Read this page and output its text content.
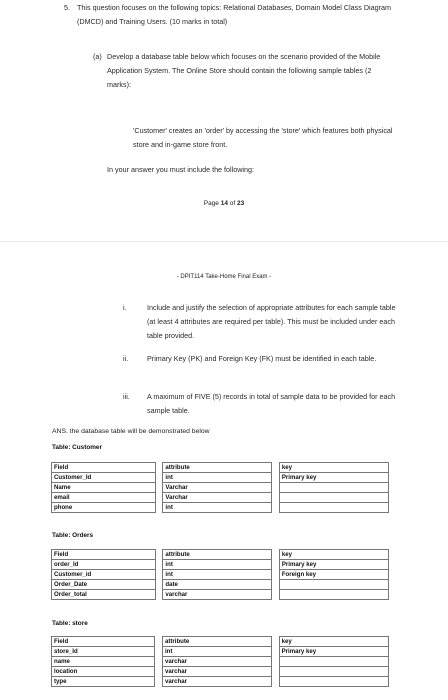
5. This question focuses on the following topics: Relational Databases, Domain Model Class Diagram (DMCD) and Training Users. (10 marks in total)
(a) Develop a database table below which focuses on the scenario provided of the Mobile Application System. The Online Store should contain the following sample tables (2 marks):
'Customer' creates an 'order' by accessing the 'store' which features both physical store and in-game store front.
In your answer you must include the following:
Page 14 of 23
- DPIT114 Take-Home Final Exam -
i.	Include and justify the selection of appropriate attributes for each sample table (at least 4 attributes are required per table). This must be included under each table provided.
ii.	Primary Key (PK) and Foreign Key (FK) must be identified in each table.
iii.	A maximum of FIVE (5) records in total of sample data to be provided for each sample table.
ANS. the database table will be demonstrated below
Table: Customer
Field		attribute		key
Customer_Id		int		Primary key
Name		Varchar		
email		Varchar		
phone		int		
Table: Orders
Field		attribute		key
order_Id		int		Primary key
Customer_id		int		Foreign key
Order_Date		date		
Order_total		varchar		
Table: store
Field		attribute		key
store_Id		int		Primary key
name		varchar		
location		varchar		
type		varchar		
